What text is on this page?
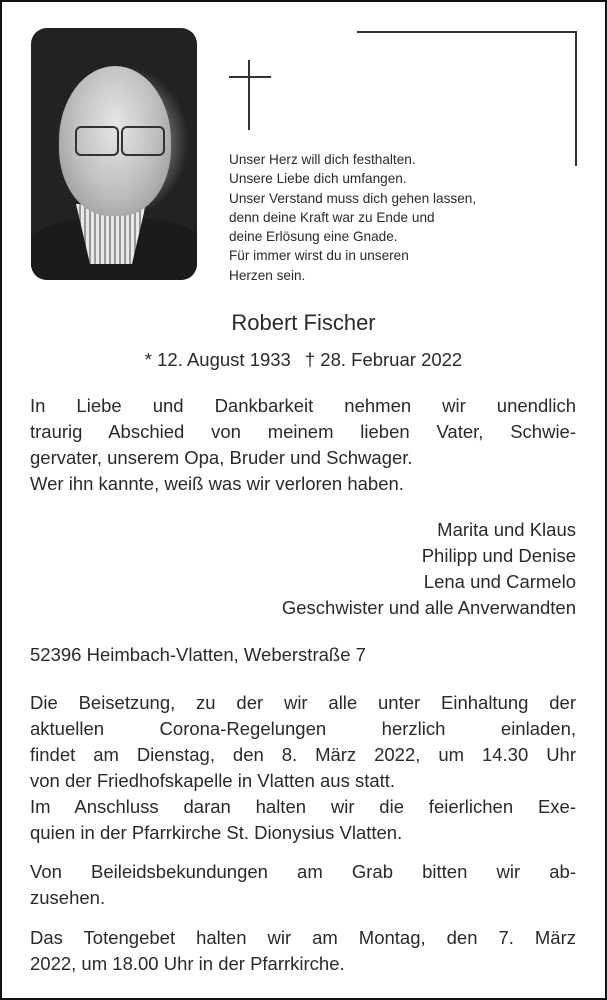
Unser Herz will dich festhalten.
Unsere Liebe dich umfangen.
Unser Verstand muss dich gehen lassen,
denn deine Kraft war zu Ende und
deine Erlösung eine Gnade.
Für immer wirst du in unseren
Herzen sein.
Robert Fischer
* 12. August 1933 † 28. Februar 2022
In Liebe und Dankbarkeit nehmen wir unendlich
traurig Abschied von meinem lieben Vater, Schwie-
gervater, unserem Opa, Bruder und Schwager.
Wer ihn kannte, weiß was wir verloren haben.
Marita und Klaus
Philipp und Denise
Lena und Carmelo
Geschwister und alle Anverwandten
52396 Heimbach-Vlatten, Weberstraße 7
Die Beisetzung, zu der wir alle unter Einhaltung der
aktuellen Corona-Regelungen herzlich einladen,
findet am Dienstag, den 8. März 2022, um 14.30 Uhr
von der Friedhofskapelle in Vlatten aus statt.
Im Anschluss daran halten wir die feierlichen Exe-
quien in der Pfarrkirche St. Dionysius Vlatten.
Von Beileidsbekundungen am Grab bitten wir ab-
zusehen.
Das Totengebet halten wir am Montag, den 7. März
2022, um 18.00 Uhr in der Pfarrkirche.
